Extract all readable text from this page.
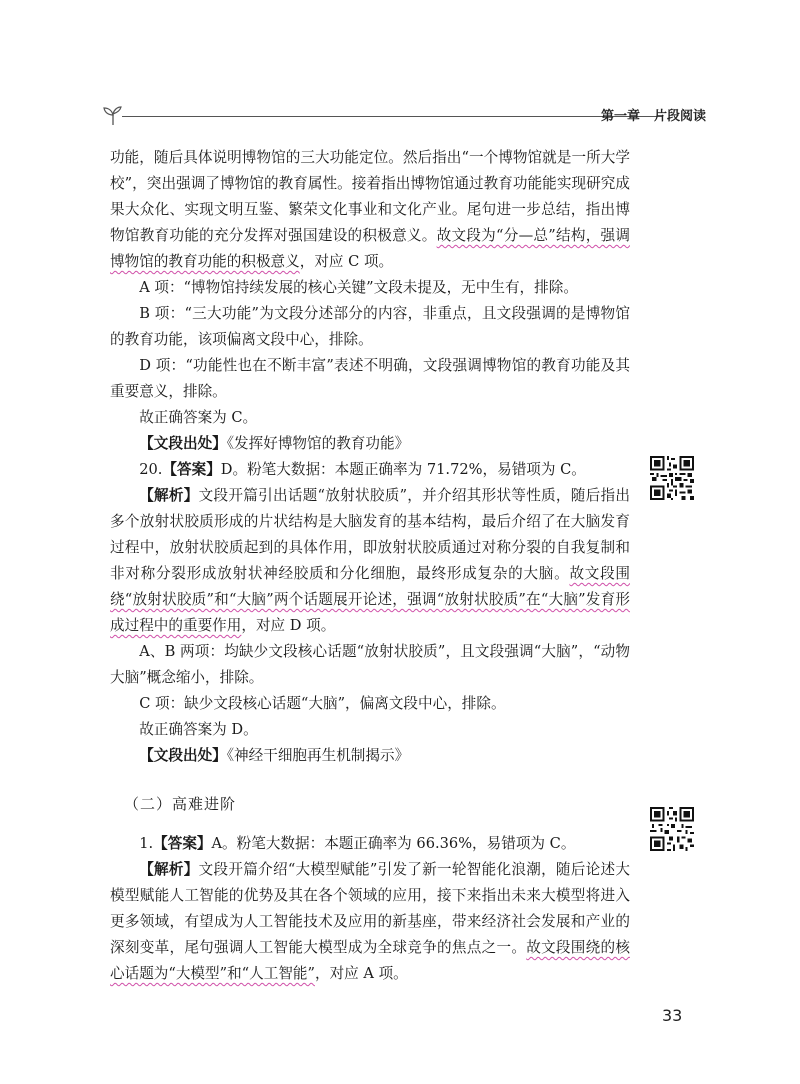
第一章 片段阅读

功能，随后具体说明博物馆的三大功能定位。然后指出“一个博物馆就是一所大学校”，突出强调了博物馆的教育属性。接着指出博物馆通过教育功能能实现研究成果大众化、实现文明互鉴、繁荣文化事业和文化产业。尾句进一步总结，指出博物馆教育功能的充分发挥对强国建设的积极意义。故文段为“分—总”结构，强调博物馆的教育功能的积极意义，对应 C 项。

A 项：“博物馆持续发展的核心关键”文段未提及，无中生有，排除。

B 项：“三大功能”为文段分述部分的内容，非重点，且文段强调的是博物馆的教育功能，该项偏离文段中心，排除。

D 项：“功能性也在不断丰富”表述不明确，文段强调博物馆的教育功能及其重要意义，排除。

故正确答案为 C。

【文段出处】《发挥好博物馆的教育功能》

20.【答案】D。粉笔大数据：本题正确率为 71.72%，易错项为 C。

【解析】文段开篇引出话题“放射状胶质”，并介绍其形状等性质，随后指出多个放射状胶质形成的片状结构是大脑发育的基本结构，最后介绍了在大脑发育过程中，放射状胶质起到的具体作用，即放射状胶质通过对称分裂的自我复制和非对称分裂形成放射状神经胶质和分化细胞，最终形成复杂的大脑。故文段围绕“放射状胶质”和“大脑”两个话题展开论述，强调“放射状胶质”在“大脑”发育形成过程中的重要作用，对应 D 项。

A、B 两项：均缺少文段核心话题“放射状胶质”，且文段强调“大脑”，“动物大脑”概念缩小，排除。

C 项：缺少文段核心话题“大脑”，偏离文段中心，排除。

故正确答案为 D。

【文段出处】《神经干细胞再生机制揭示》

（二）高难进阶

1.【答案】A。粉笔大数据：本题正确率为 66.36%，易错项为 C。

【解析】文段开篇介绍“大模型赋能”引发了新一轮智能化浪潮，随后论述大模型赋能人工智能的优势及其在各个领域的应用，接下来指出未来大模型将进入更多领域，有望成为人工智能技术及应用的新基座，带来经济社会发展和产业的深刻变革，尾句强调人工智能大模型成为全球竞争的焦点之一。故文段围绕的核心话题为“大模型”和“人工智能”，对应 A 项。

33
